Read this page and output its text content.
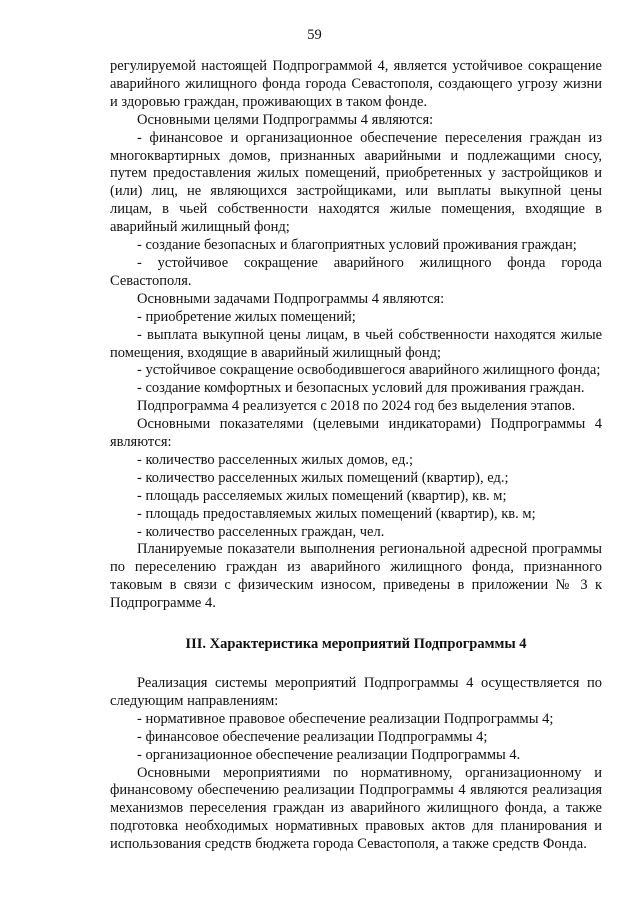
59

регулируемой настоящей Подпрограммой 4, является устойчивое сокращение аварийного жилищного фонда города Севастополя, создающего угрозу жизни и здоровью граждан, проживающих в таком фонде.

Основными целями Подпрограммы 4 являются:

- финансовое и организационное обеспечение переселения граждан из многоквартирных домов, признанных аварийными и подлежащими сносу, путем предоставления жилых помещений, приобретенных у застройщиков и (или) лиц, не являющихся застройщиками, или выплаты выкупной цены лицам, в чьей собственности находятся жилые помещения, входящие в аварийный жилищный фонд;

- создание безопасных и благоприятных условий проживания граждан;

- устойчивое сокращение аварийного жилищного фонда города Севастополя.

Основными задачами Подпрограммы 4 являются:

- приобретение жилых помещений;

- выплата выкупной цены лицам, в чьей собственности находятся жилые помещения, входящие в аварийный жилищный фонд;

- устойчивое сокращение освободившегося аварийного жилищного фонда;

- создание комфортных и безопасных условий для проживания граждан.

Подпрограмма 4 реализуется с 2018 по 2024 год без выделения этапов.

Основными показателями (целевыми индикаторами) Подпрограммы 4 являются:

- количество расселенных жилых домов, ед.;

- количество расселенных жилых помещений (квартир), ед.;

- площадь расселяемых жилых помещений (квартир), кв. м;

- площадь предоставляемых жилых помещений (квартир), кв. м;

- количество расселенных граждан, чел.

Планируемые показатели выполнения региональной адресной программы по переселению граждан из аварийного жилищного фонда, признанного таковым в связи с физическим износом, приведены в приложении № 3 к Подпрограмме 4.

III. Характеристика мероприятий Подпрограммы 4

Реализация системы мероприятий Подпрограммы 4 осуществляется по следующим направлениям:

- нормативное правовое обеспечение реализации Подпрограммы 4;

- финансовое обеспечение реализации Подпрограммы 4;

- организационное обеспечение реализации Подпрограммы 4.

Основными мероприятиями по нормативному, организационному и финансовому обеспечению реализации Подпрограммы 4 являются реализация механизмов переселения граждан из аварийного жилищного фонда, а также подготовка необходимых нормативных правовых актов для планирования и использования средств бюджета города Севастополя, а также средств Фонда.
